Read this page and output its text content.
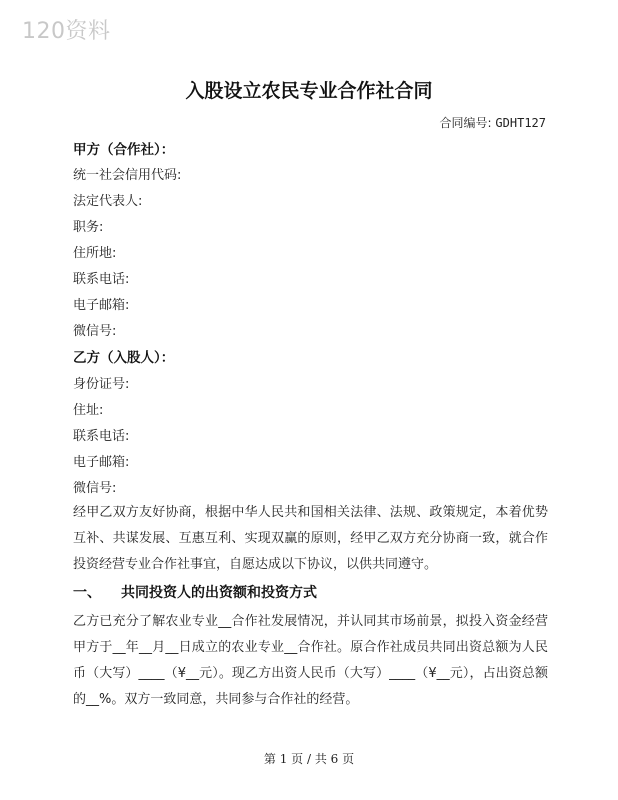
120资料
入股设立农民专业合作社合同
合同编号: GDHT127
甲方（合作社）：
统一社会信用代码:
法定代表人:
职务:
住所地:
联系电话:
电子邮箱:
微信号:
乙方（入股人）：
身份证号:
住址:
联系电话:
电子邮箱:
微信号:
经甲乙双方友好协商，根据中华人民共和国相关法律、法规、政策规定，本着优势互补、共谋发展、互惠互利、实现双赢的原则，经甲乙双方充分协商一致，就合作投资经营专业合作社事宜，自愿达成以下协议，以供共同遵守。
一、 共同投资人的出资额和投资方式
乙方已充分了解农业专业__合作社发展情况，并认同其市场前景，拟投入资金经营甲方于__年__月__日成立的农业专业__合作社。原合作社成员共同出资总额为人民币（大写）____（¥__元）。现乙方出资人民币（大写）____（¥__元），占出资总额的__%。双方一致同意，共同参与合作社的经营。
第 1 页 / 共 6 页
